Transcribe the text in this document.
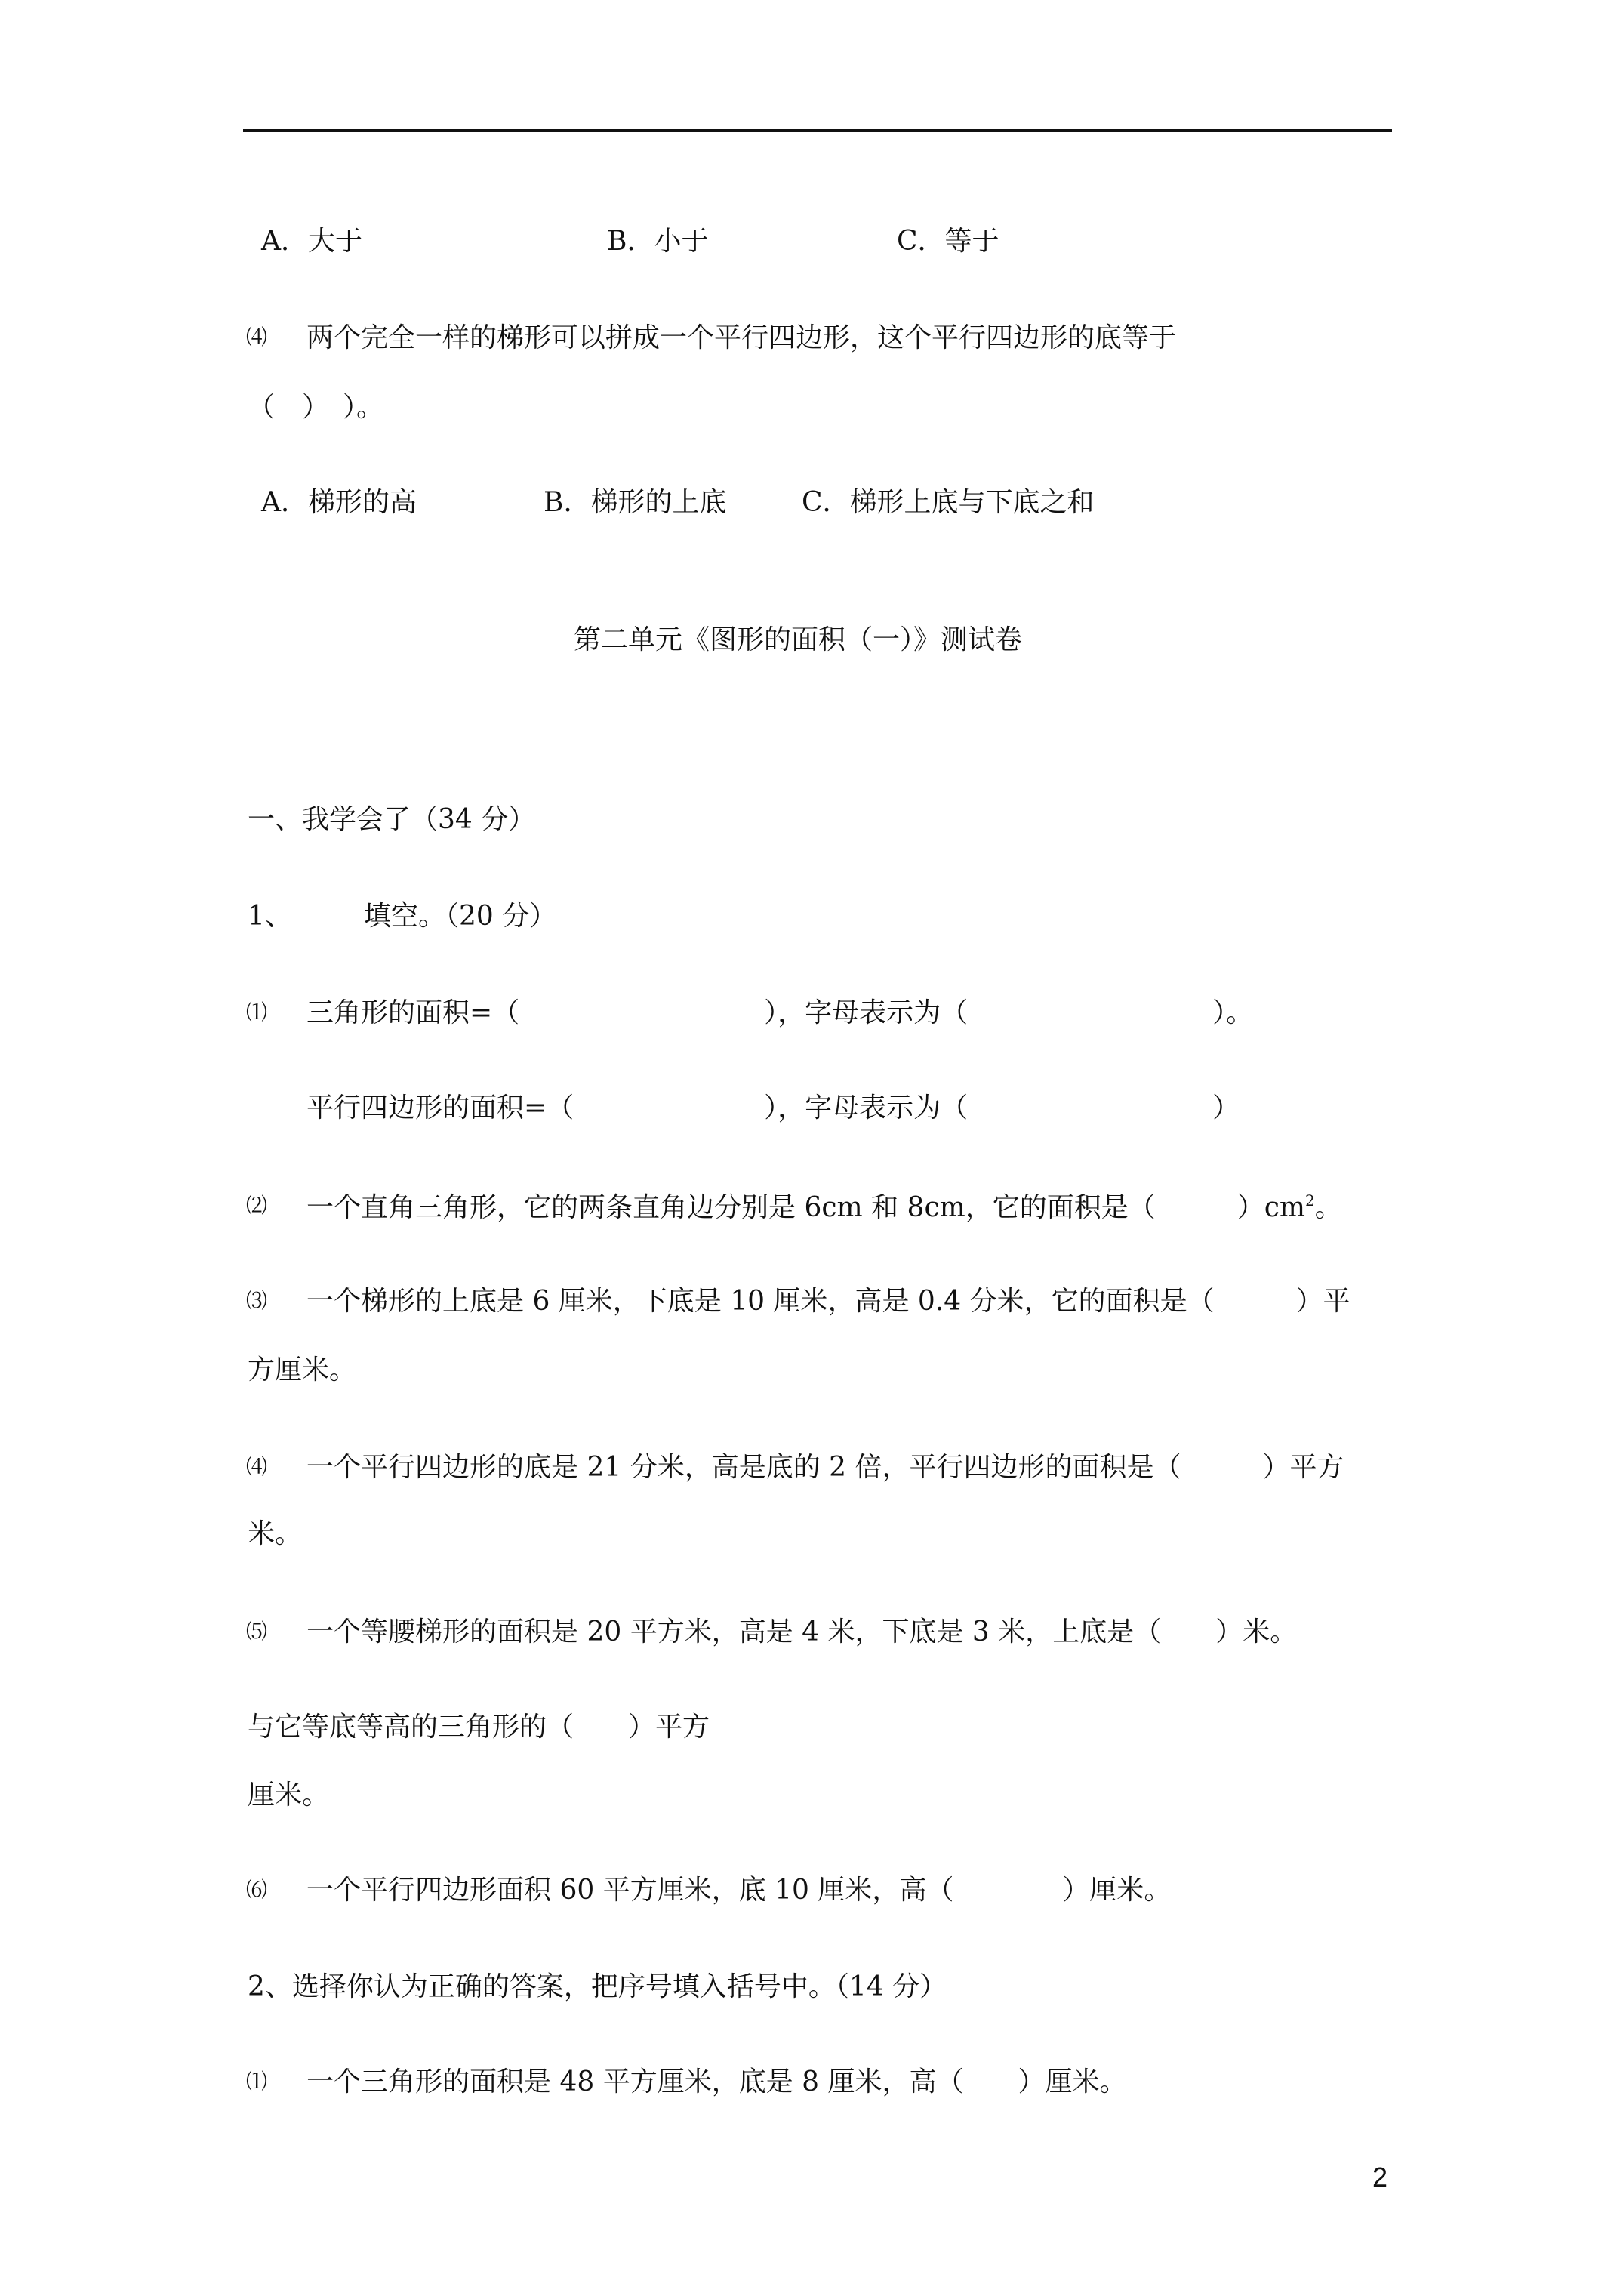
A．大于	B．小于	C．等于
⑷ 两个完全一样的梯形可以拼成一个平行四边形，这个平行四边形的底等于
（　）　）。
A．梯形的高	B．梯形的上底	C．梯形上底与下底之和
第二单元《图形的面积（一）》测试卷
一、我学会了（34 分）
1、	填空。（20 分）
⑴ 三角形的面积=（　　　　　　　　　），字母表示为（　　　　　　　　　）。
平行四边形的面积=（　　　　　　　），字母表示为（　　　　　　　　　）
⑵ 一个直角三角形，它的两条直角边分别是 6cm 和 8cm，它的面积是（　　　）$cm^2$。
⑶ 一个梯形的上底是 6 厘米，下底是 10 厘米，高是 0.4 分米，它的面积是（　　　）平
方厘米。
⑷ 一个平行四边形的底是 21 分米，高是底的 2 倍，平行四边形的面积是（　　　）平方
米。
⑸ 一个等腰梯形的面积是 20 平方米，高是 4 米，下底是 3 米，上底是（　　）米。
与它等底等高的三角形的（　　）平方
厘米。
⑹ 一个平行四边形面积 60 平方厘米，底 10 厘米，高（　　　　）厘米。
2、选择你认为正确的答案，把序号填入括号中。（14 分）
⑴ 一个三角形的面积是 48 平方厘米，底是 8 厘米，高（　　）厘米。
2
